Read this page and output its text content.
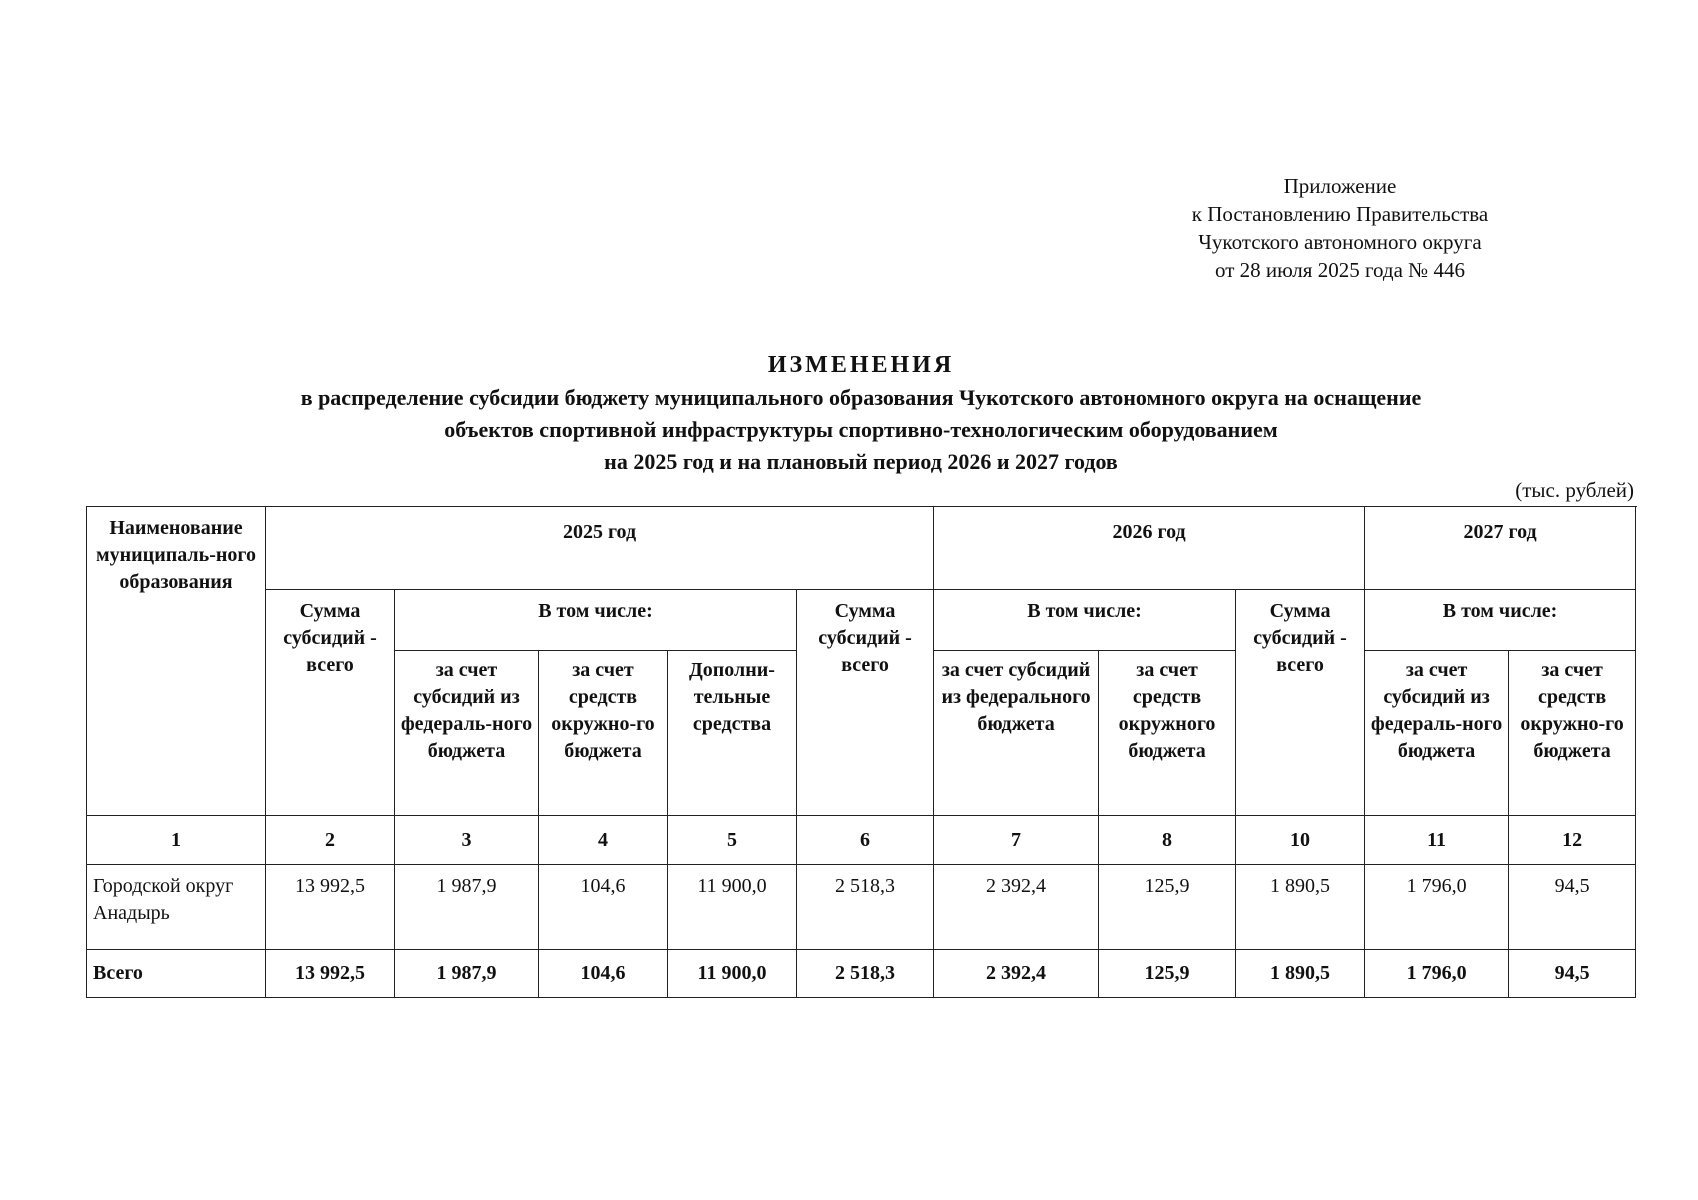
Приложение
к Постановлению Правительства
Чукотского автономного округа
от 28 июля 2025 года № 446
ИЗМЕНЕНИЯ
в распределение субсидии бюджету муниципального образования Чукотского автономного округа на оснащение
объектов спортивной инфраструктуры спортивно-технологическим оборудованием
на 2025 год и на плановый период 2026 и 2027 годов
(тыс. рублей)
Наименование муниципаль-ного образования	2025 год					2026 год			2027 год	
	Сумма субсидий - всего	В том числе:			Сумма субсидий - всего	В том числе:		Сумма субсидий - всего	В том числе:	
		за счет субсидий из федераль-ного бюджета	за счет средств окружно-го бюджета	Дополни-тельные средства		за счет субсидий из федерального бюджета	за счет средств окружного бюджета		за счет субсидий из федераль-ного бюджета	за счет средств окружно-го бюджета
1	2	3	4	5	6	7	8	10	11	12
Городской округ Анадырь	13 992,5	1 987,9	104,6	11 900,0	2 518,3	2 392,4	125,9	1 890,5	1 796,0	94,5
Всего	13 992,5	1 987,9	104,6	11 900,0	2 518,3	2 392,4	125,9	1 890,5	1 796,0	94,5
